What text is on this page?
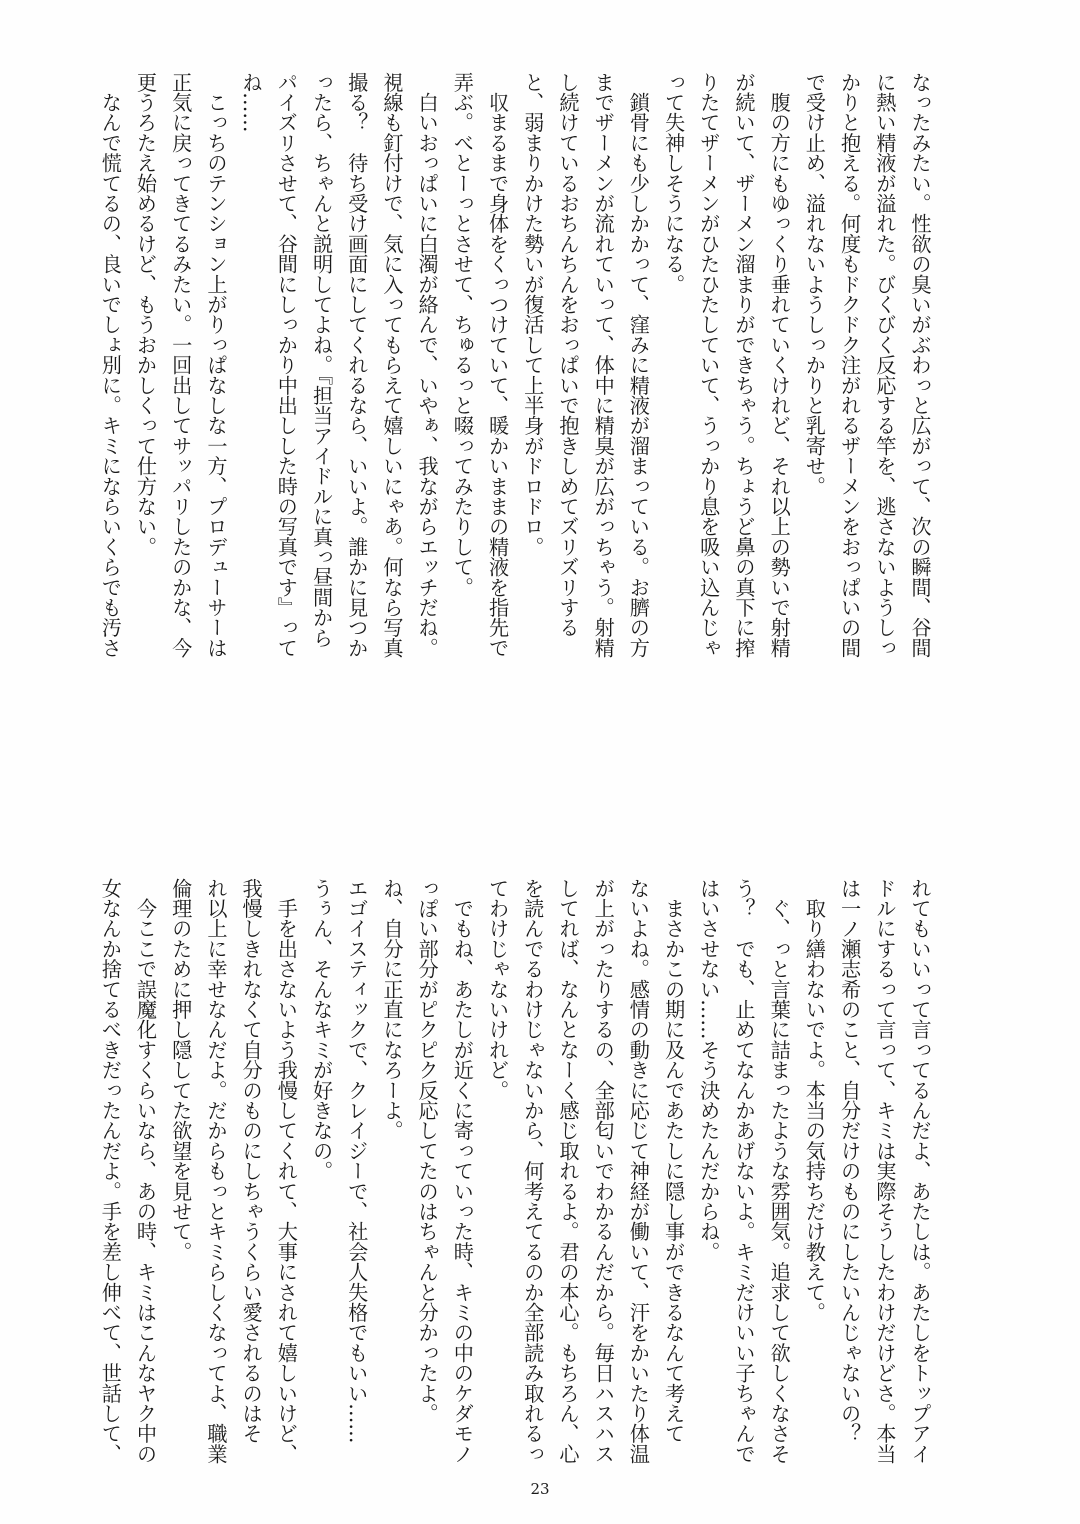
なったみたい。性欲の臭いがぶわっと広がって、次の瞬間、谷間
に熱い精液が溢れた。びくびく反応する竿を、逃さないようしっ
かりと抱える。何度もドクドク注がれるザーメンをおっぱいの間
で受け止め、溢れないようしっかりと乳寄せ。
　腹の方にもゆっくり垂れていくけれど、それ以上の勢いで射精
が続いて、ザーメン溜まりができちゃう。ちょうど鼻の真下に搾
りたてザーメンがひたひたしていて、うっかり息を吸い込んじゃ
って失神しそうになる。
　鎖骨にも少しかかって、窪みに精液が溜まっている。お臍の方
までザーメンが流れていって、体中に精臭が広がっちゃう。射精
し続けているおちんちんをおっぱいで抱きしめてズリズリする
と、弱まりかけた勢いが復活して上半身がドロドロ。
　収まるまで身体をくっつけていて、暖かいままの精液を指先で
弄ぶ。べとーっとさせて、ちゅるっと啜ってみたりして。
　白いおっぱいに白濁が絡んで、いやぁ、我ながらエッチだね。
視線も釘付けで、気に入ってもらえて嬉しいにゃあ。何なら写真
撮る？　待ち受け画面にしてくれるなら、いいよ。誰かに見つか
ったら、ちゃんと説明してよね。『担当アイドルに真っ昼間から
パイズリさせて、谷間にしっかり中出しした時の写真です』って
ね……
　こっちのテンション上がりっぱなしな一方、プロデューサーは
正気に戻ってきてるみたい。一回出してサッパリしたのかな、今
更うろたえ始めるけど、もうおかしくって仕方ない。
　なんで慌てるの、良いでしょ別に。キミにならいくらでも汚さ
れてもいいって言ってるんだよ、あたしは。あたしをトップアイ
ドルにするって言って、キミは実際そうしたわけだけどさ。本当
は一ノ瀬志希のこと、自分だけのものにしたいんじゃないの？
　取り繕わないでよ。本当の気持ちだけ教えて。
　ぐ、っと言葉に詰まったような雰囲気。追求して欲しくなさそ
う？　でも、止めてなんかあげないよ。キミだけいい子ちゃんで
はいさせない……そう決めたんだからね。
　まさかこの期に及んであたしに隠し事ができるなんて考えて
ないよね。感情の動きに応じて神経が働いて、汗をかいたり体温
が上がったりするの、全部匂いでわかるんだから。毎日ハスハス
してれば、なんとなーく感じ取れるよ。君の本心。もちろん、心
を読んでるわけじゃないから、何考えてるのか全部読み取れるっ
てわけじゃないけれど。
　でもね、あたしが近くに寄っていった時、キミの中のケダモノ
っぽい部分がピクピク反応してたのはちゃんと分かったよ。
ね、自分に正直になろーよ。
エゴイスティックで、クレイジーで、社会人失格でもいい……
うぅん、そんなキミが好きなの。
　手を出さないよう我慢してくれて、大事にされて嬉しいけど、
我慢しきれなくて自分のものにしちゃうくらい愛されるのはそ
れ以上に幸せなんだよ。だからもっとキミらしくなってよ、職業
倫理のために押し隠してた欲望を見せて。
　今ここで誤魔化すくらいなら、あの時、キミはこんなヤク中の
女なんか捨てるべきだったんだよ。手を差し伸べて、世話して、
23
